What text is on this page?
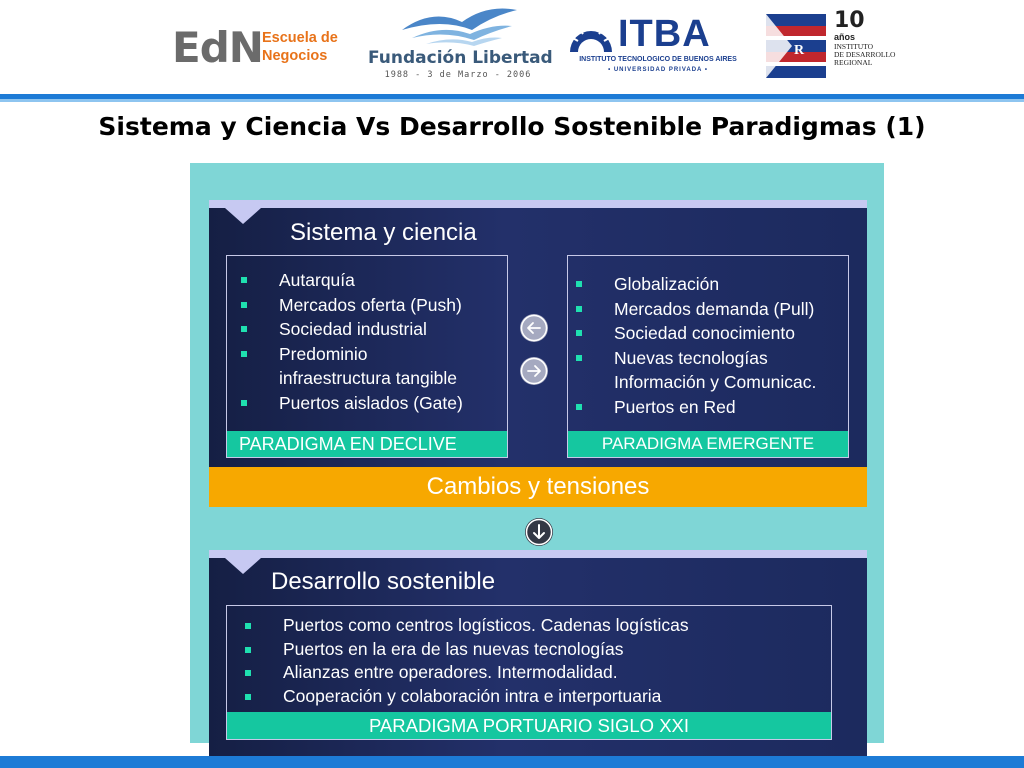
EdN Escuela de
Negocios	Fundación Libertad
1988 - 3 de Marzo - 2006
ITBA
INSTITUTO TECNOLOGICO DE BUENOS AIRES
• UNIVERSIDAD PRIVADA •
R
10
años
INSTITUTO
DE DESARROLLO
REGIONAL
Sistema y Ciencia Vs Desarrollo Sostenible Paradigmas (1)
Sistema y ciencia
Autarquía
Mercados oferta (Push)
Sociedad industrial
Predominio
infraestructura tangible
Puertos aislados (Gate)
PARADIGMA EN DECLIVE
Globalización
Mercados demanda (Pull)
Sociedad conocimiento
Nuevas tecnologías
Información y Comunicac.
Puertos en Red
PARADIGMA EMERGENTE
Cambios y tensiones
Desarrollo sostenible
Puertos como centros logísticos. Cadenas logísticas
Puertos en la era de las nuevas tecnologías
Alianzas entre operadores. Intermodalidad.
Cooperación y colaboración intra e interportuaria
PARADIGMA PORTUARIO SIGLO XXI
